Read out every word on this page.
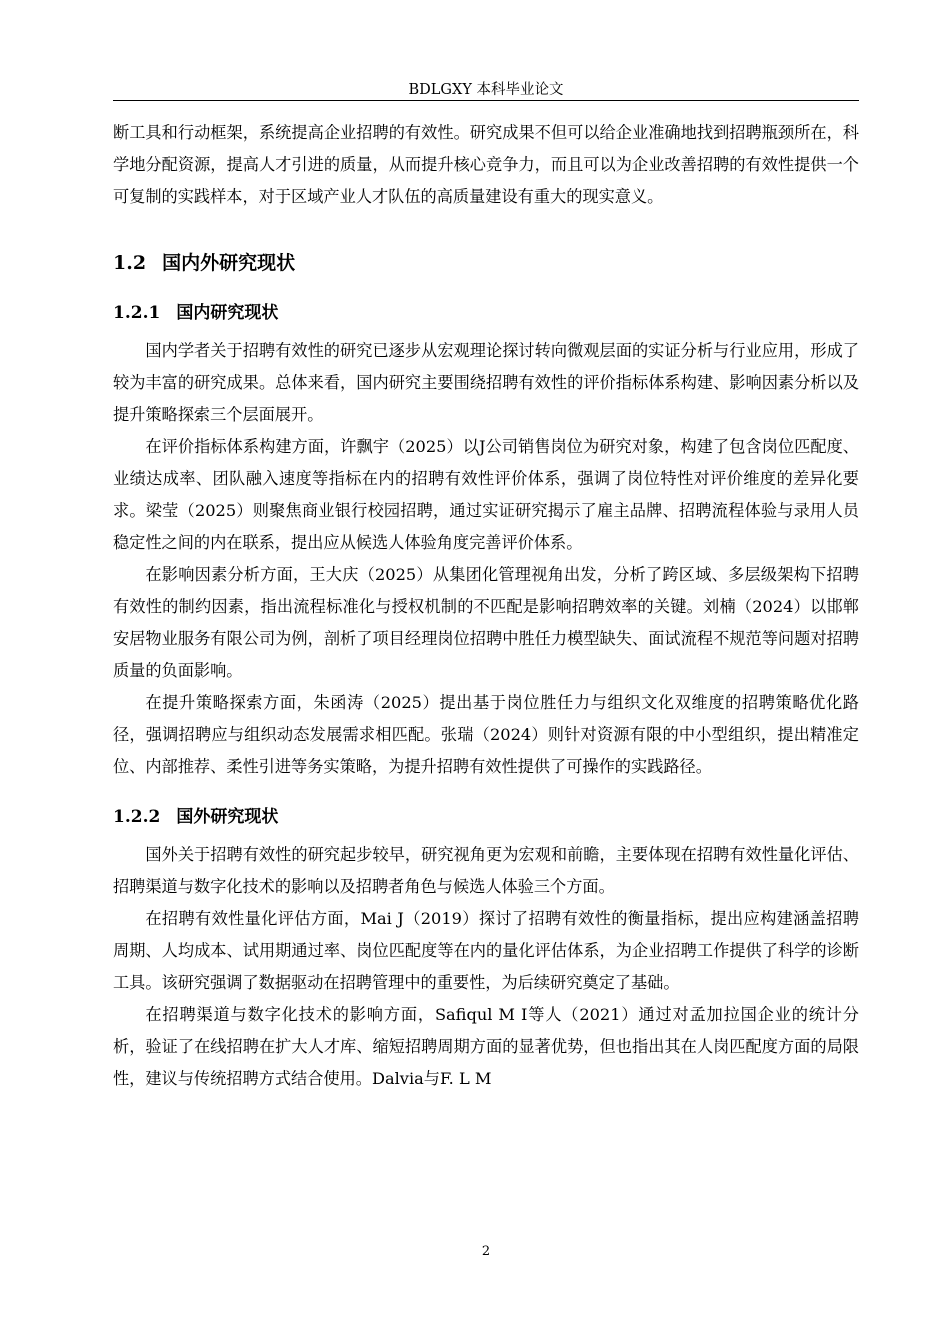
BDLGXY 本科毕业论文

断工具和行动框架，系统提高企业招聘的有效性。研究成果不但可以给企业准确地找到招聘瓶颈所在，科学地分配资源，提高人才引进的质量，从而提升核心竞争力，而且可以为企业改善招聘的有效性提供一个可复制的实践样本，对于区域产业人才队伍的高质量建设有重大的现实意义。

1.2 国内外研究现状
1.2.1 国内研究现状

国内学者关于招聘有效性的研究已逐步从宏观理论探讨转向微观层面的实证分析与行业应用，形成了较为丰富的研究成果。总体来看，国内研究主要围绕招聘有效性的评价指标体系构建、影响因素分析以及提升策略探索三个层面展开。

在评价指标体系构建方面，许飘宇（2025）以J公司销售岗位为研究对象，构建了包含岗位匹配度、业绩达成率、团队融入速度等指标在内的招聘有效性评价体系，强调了岗位特性对评价维度的差异化要求。梁莹（2025）则聚焦商业银行校园招聘，通过实证研究揭示了雇主品牌、招聘流程体验与录用人员稳定性之间的内在联系，提出应从候选人体验角度完善评价体系。

在影响因素分析方面，王大庆（2025）从集团化管理视角出发，分析了跨区域、多层级架构下招聘有效性的制约因素，指出流程标准化与授权机制的不匹配是影响招聘效率的关键。刘楠（2024）以邯郸安居物业服务有限公司为例，剖析了项目经理岗位招聘中胜任力模型缺失、面试流程不规范等问题对招聘质量的负面影响。

在提升策略探索方面，朱函涛（2025）提出基于岗位胜任力与组织文化双维度的招聘策略优化路径，强调招聘应与组织动态发展需求相匹配。张瑞（2024）则针对资源有限的中小型组织，提出精准定位、内部推荐、柔性引进等务实策略，为提升招聘有效性提供了可操作的实践路径。

1.2.2 国外研究现状

国外关于招聘有效性的研究起步较早，研究视角更为宏观和前瞻，主要体现在招聘有效性量化评估、招聘渠道与数字化技术的影响以及招聘者角色与候选人体验三个方面。

在招聘有效性量化评估方面，Mai J（2019）探讨了招聘有效性的衡量指标，提出应构建涵盖招聘周期、人均成本、试用期通过率、岗位匹配度等在内的量化评估体系，为企业招聘工作提供了科学的诊断工具。该研究强调了数据驱动在招聘管理中的重要性，为后续研究奠定了基础。

在招聘渠道与数字化技术的影响方面，Safiqul M I等人（2021）通过对孟加拉国企业的统计分析，验证了在线招聘在扩大人才库、缩短招聘周期方面的显著优势，但也指出其在人岗匹配度方面的局限性，建议与传统招聘方式结合使用。Dalvia与F. L M

2
